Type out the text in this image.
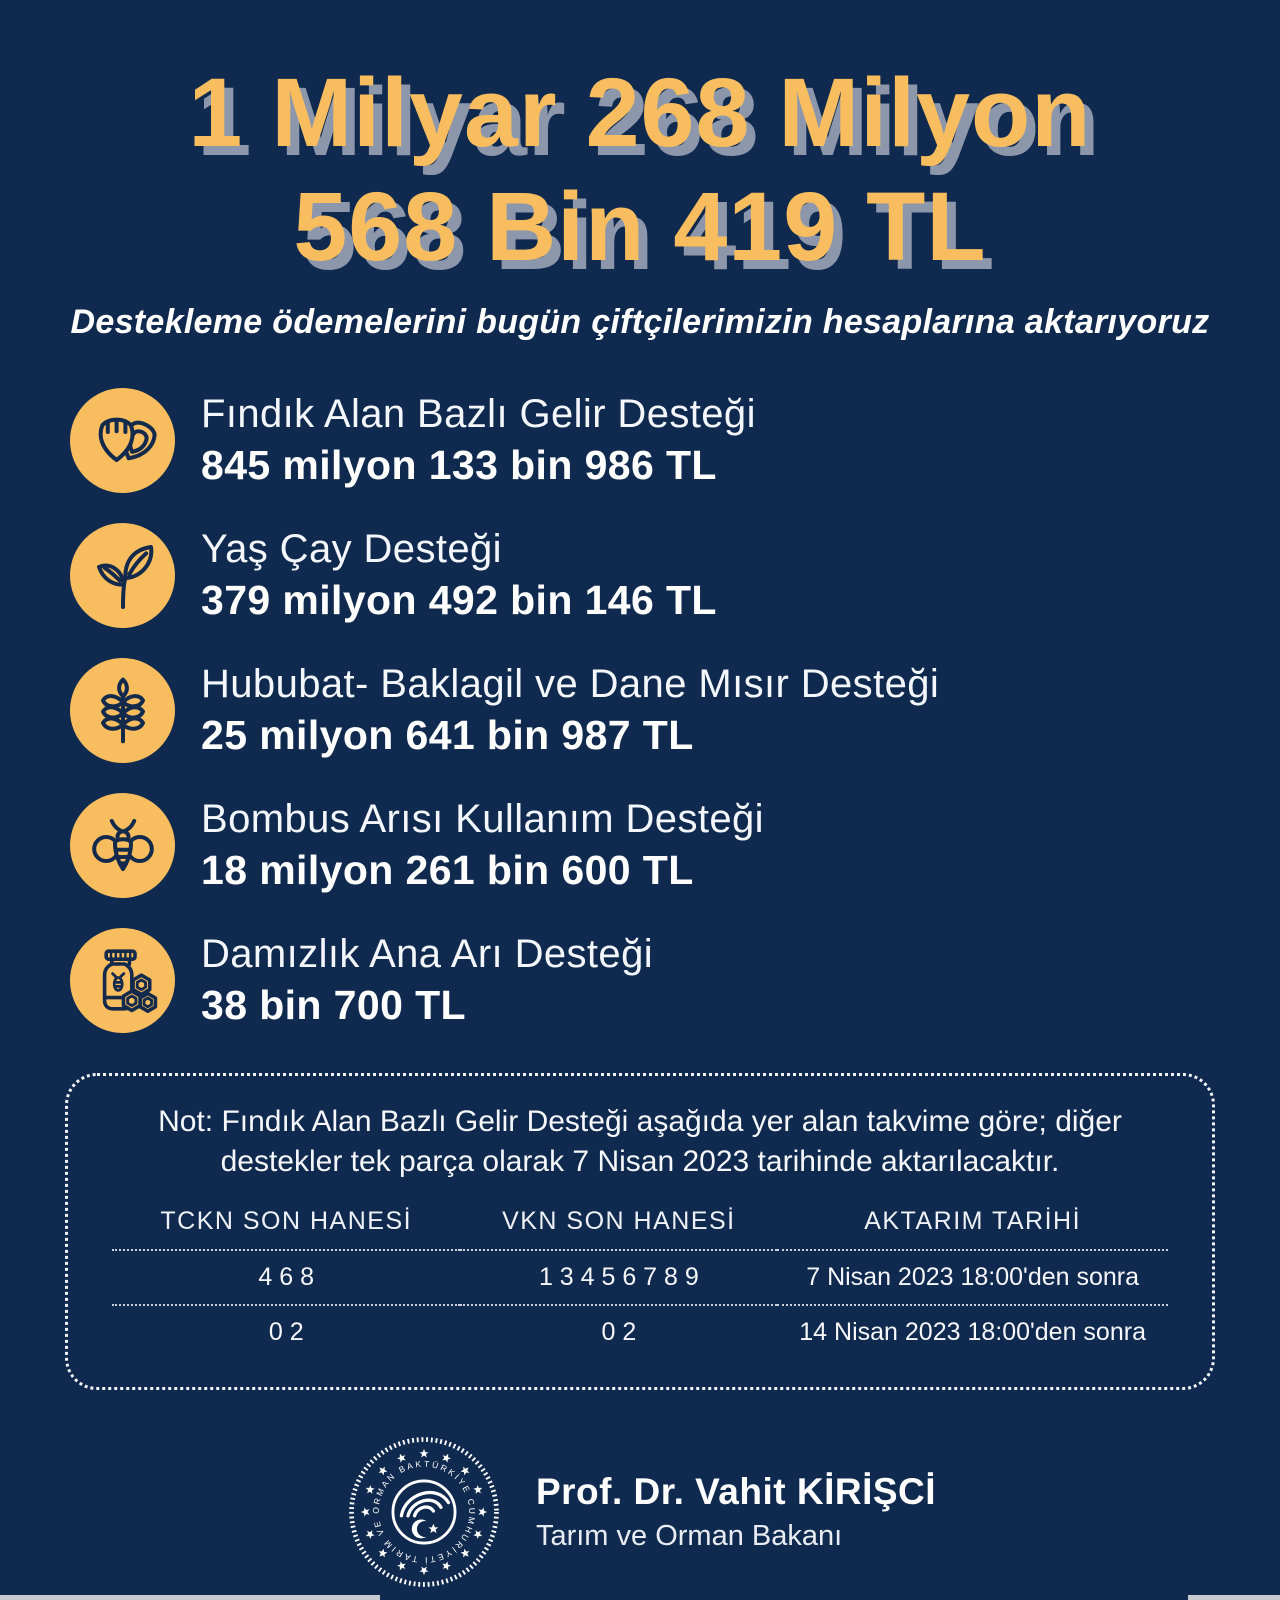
1 Milyar 268 Milyon
568 Bin 419 TL
Destekleme ödemelerini bugün çiftçilerimizin hesaplarına aktarıyoruz
Fındık Alan Bazlı Gelir Desteği
845 milyon 133 bin 986 TL
Yaş Çay Desteği
379 milyon 492 bin 146 TL
Hububat- Baklagil ve Dane Mısır Desteği
25 milyon 641 bin 987 TL
Bombus Arısı Kullanım Desteği
18 milyon 261 bin 600 TL
Damızlık Ana Arı Desteği
38 bin 700 TL

Not: Fındık Alan Bazlı Gelir Desteği aşağıda yer alan takvime göre; diğer destekler tek parça olarak 7 Nisan 2023 tarihinde aktarılacaktır.

TCKN SON HANESİ	VKN SON HANESİ	AKTARIM TARİHİ
4 6 8	1 3 4 5 6 7 8 9	7 Nisan 2023 18:00'den sonra
0 2	0 2	14 Nisan 2023 18:00'den sonra
TÜRKİYE CUMHURİYETİ TARIM VE ORMAN BAKANLIĞI	Prof. Dr. Vahit KİRİŞCİ
Tarım ve Orman Bakanı
